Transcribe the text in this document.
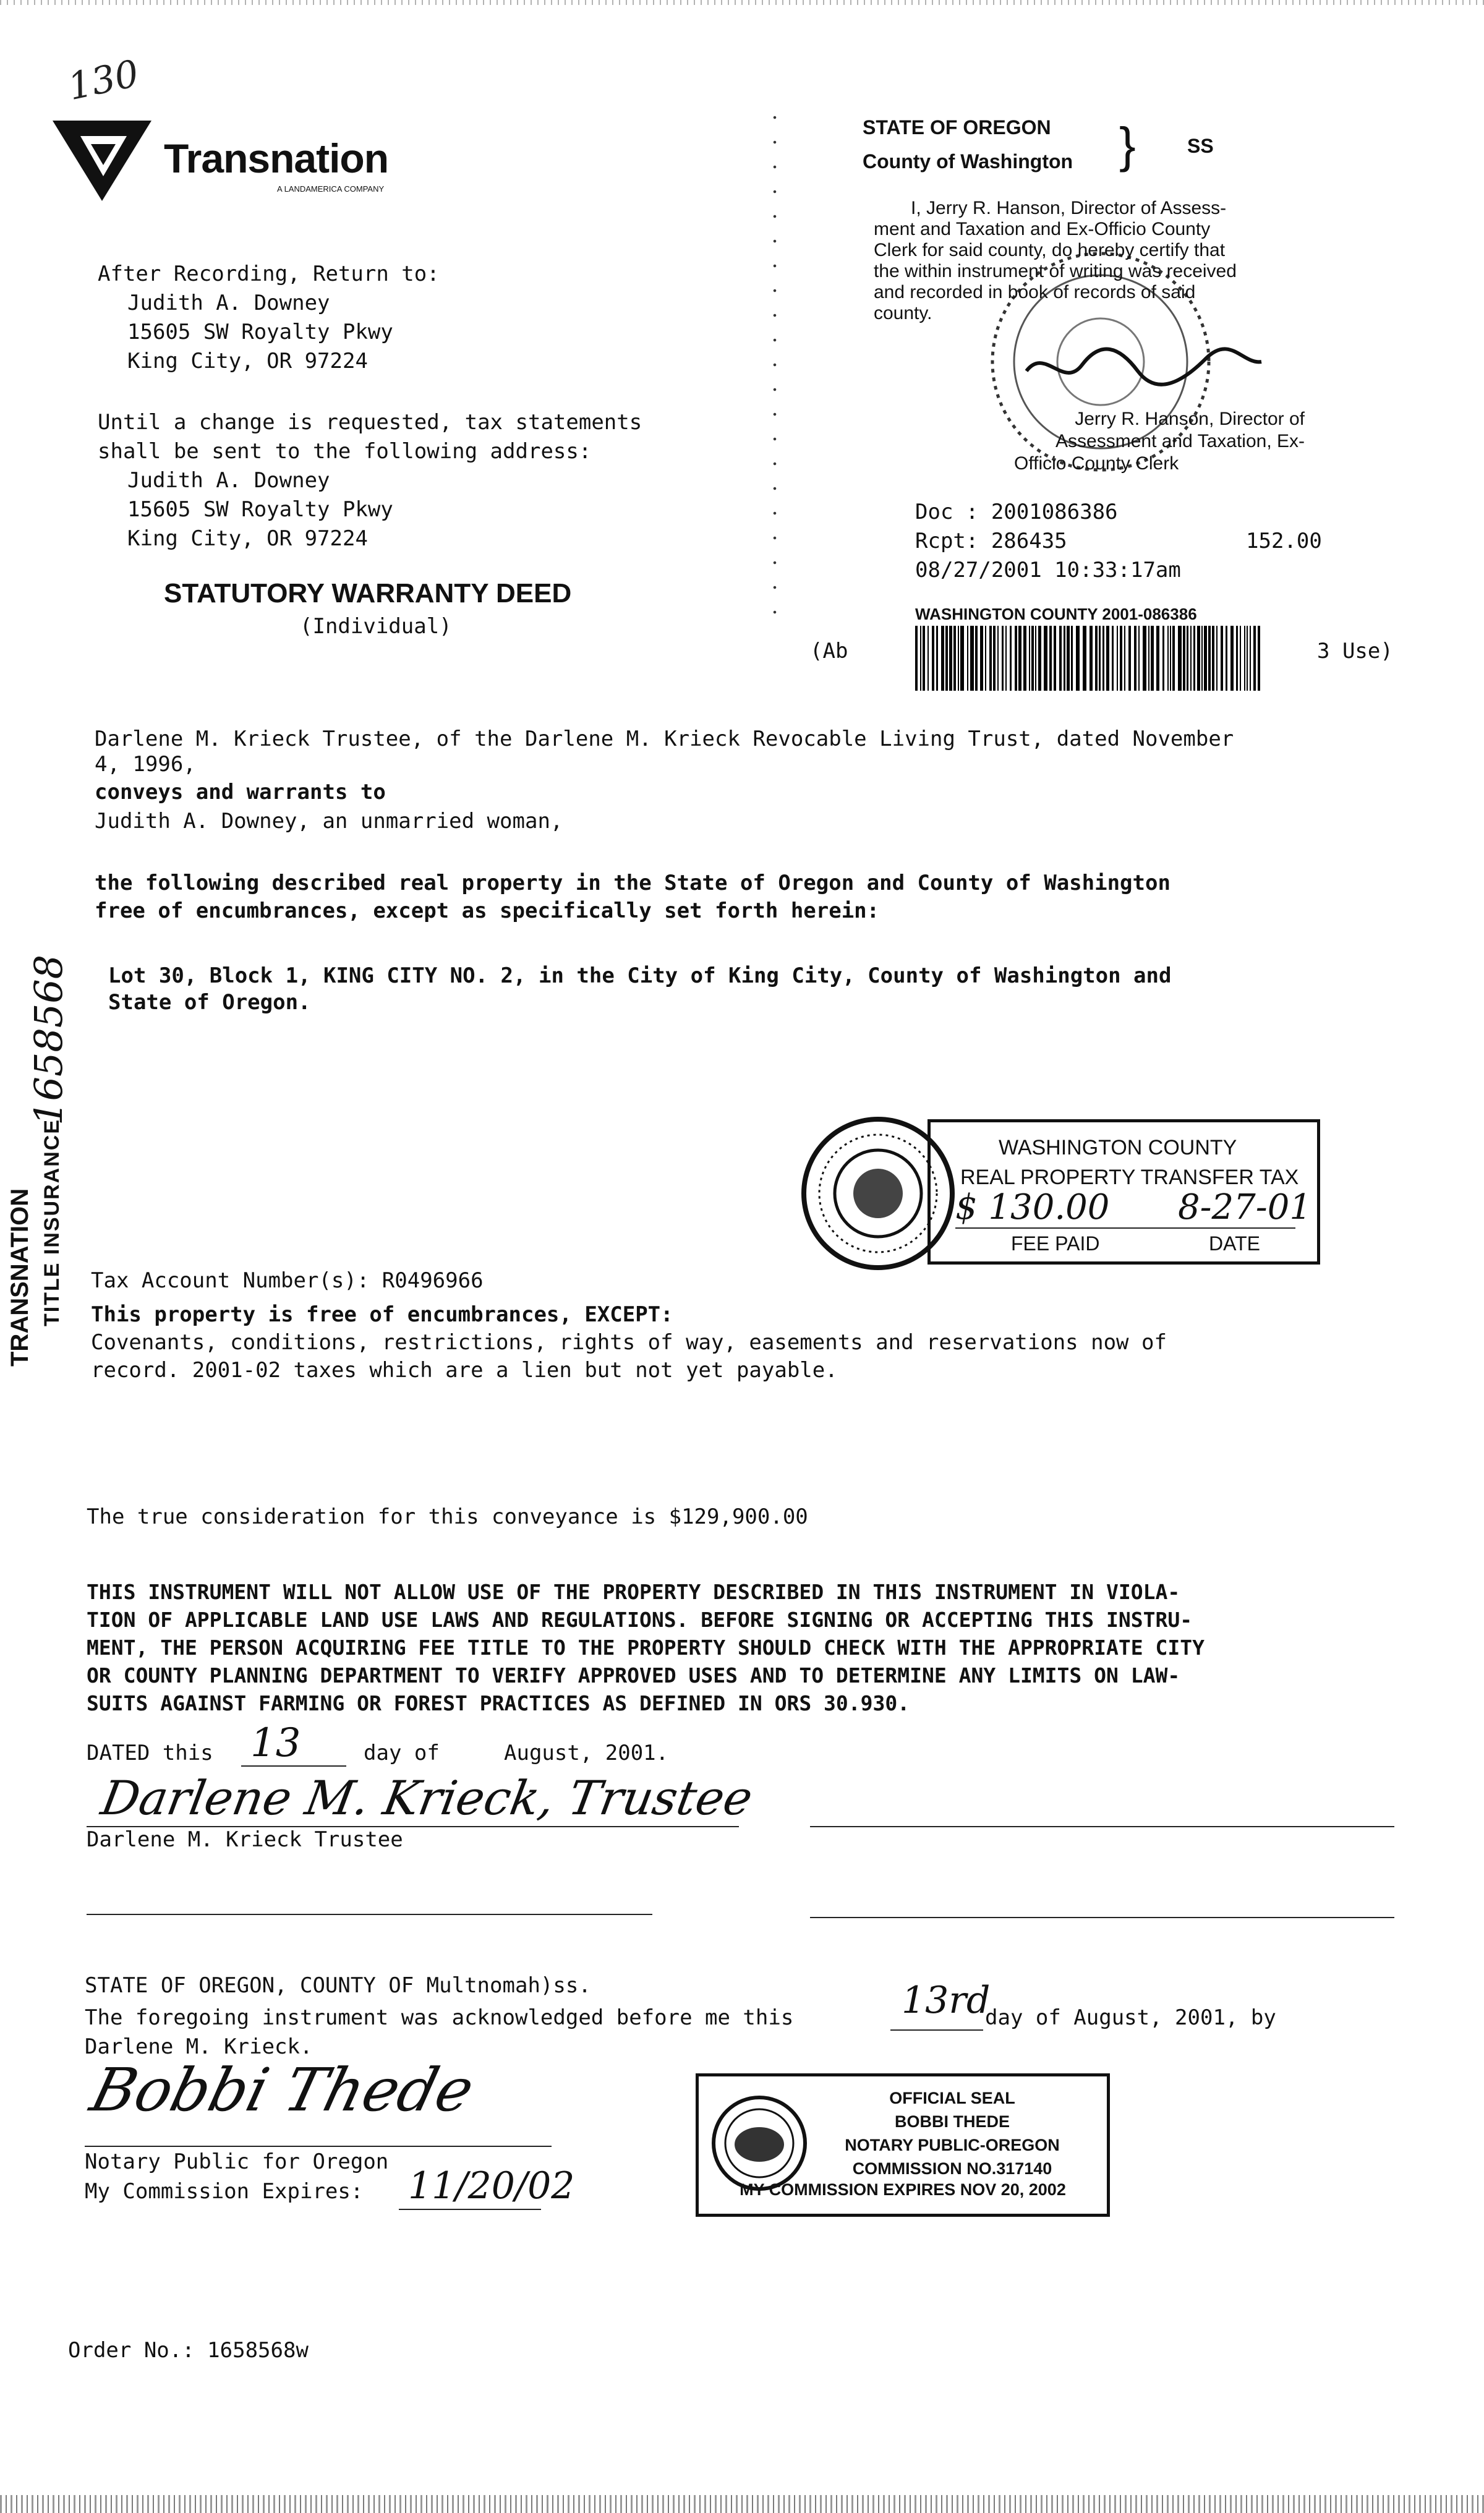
130
Transnation
A LANDAMERICA COMPANY
After Recording, Return to:
Judith A. Downey
15605 SW Royalty Pkwy
King City, OR 97224
Until a change is requested, tax statements
shall be sent to the following address:
Judith A. Downey
15605 SW Royalty Pkwy
King City, OR 97224
STATUTORY WARRANTY DEED
(Individual)
STATE OF OREGON
County of Washington }	SS
I, Jerry R. Hanson, Director of Assess-
ment and Taxation and Ex-Officio County
Clerk for said county, do hereby certify that
the within instrument of writing was received
and recorded in book of records of said
county.
Jerry R. Hanson, Director of
Assessment and Taxation, Ex-
Officio County Clerk
Doc : 2001086386
Rcpt: 286435
08/27/2001 10:33:17am
152.00
WASHINGTON COUNTY 2001-086386
(Ab	3 Use)
Darlene M. Krieck Trustee, of the Darlene M. Krieck Revocable Living Trust, dated November
4, 1996,
conveys and warrants to
Judith A. Downey, an unmarried woman,
the following described real property in the State of Oregon and County of Washington
free of encumbrances, except as specifically set forth herein:
Lot 30, Block 1, KING CITY NO. 2, in the City of King City, County of Washington and
State of Oregon.
TRANSNATION TITLE INSURANCE
1658568
WASHINGTON COUNTY
REAL PROPERTY TRANSFER TAX
$ 130.00 8-27-01
FEE PAID	DATE
Tax Account Number(s): R0496966
This property is free of encumbrances, EXCEPT:
Covenants, conditions, restrictions, rights of way, easements and reservations now of
record. 2001-02 taxes which are a lien but not yet payable.
The true consideration for this conveyance is $129,900.00
THIS INSTRUMENT WILL NOT ALLOW USE OF THE PROPERTY DESCRIBED IN THIS INSTRUMENT IN VIOLA-
TION OF APPLICABLE LAND USE LAWS AND REGULATIONS. BEFORE SIGNING OR ACCEPTING THIS INSTRU-
MENT, THE PERSON ACQUIRING FEE TITLE TO THE PROPERTY SHOULD CHECK WITH THE APPROPRIATE CITY
OR COUNTY PLANNING DEPARTMENT TO VERIFY APPROVED USES AND TO DETERMINE ANY LIMITS ON LAW-
SUITS AGAINST FARMING OR FOREST PRACTICES AS DEFINED IN ORS 30.930.
DATED this 13	day of	August, 2001.
Darlene M. Krieck, Trustee
Darlene M. Krieck Trustee
STATE OF OREGON, COUNTY OF Multnomah)ss.
The foregoing instrument was acknowledged before me this	13rd
day of August, 2001, by
Darlene M. Krieck.
Bobbi Thede
Notary Public for Oregon
My Commission Expires: 11/20/02
OFFICIAL SEAL
BOBBI THEDE
NOTARY PUBLIC-OREGON
COMMISSION NO.317140
MY COMMISSION EXPIRES NOV 20, 2002
Order No.: 1658568w
